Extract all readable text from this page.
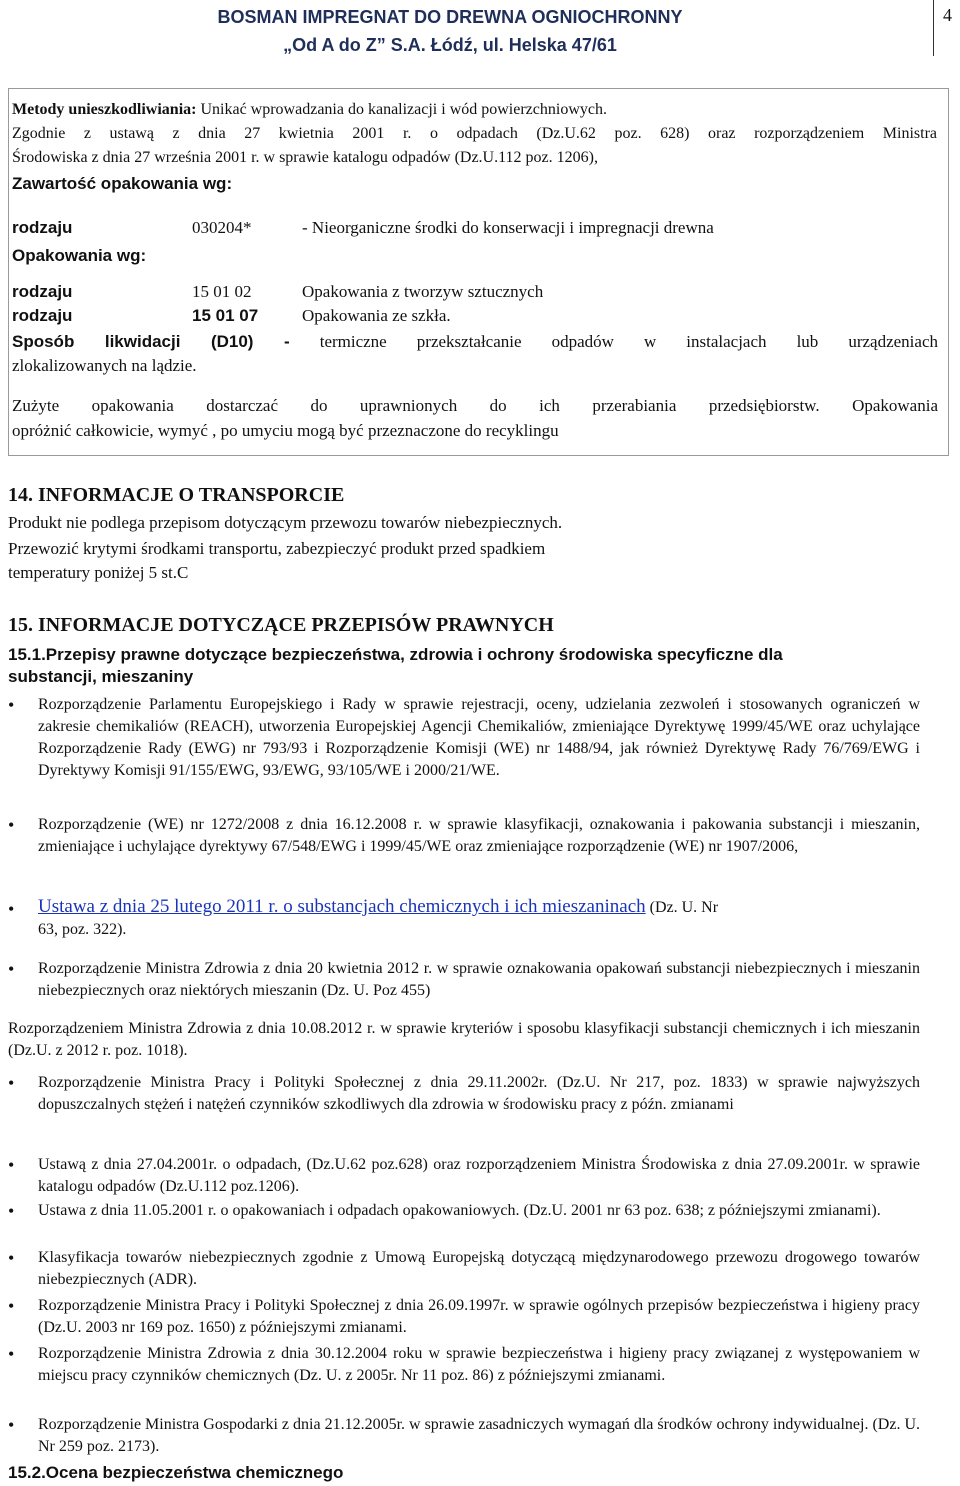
BOSMAN IMPREGNAT DO DREWNA OGNIOCHRONNY
„Od A do Z” S.A. Łódź, ul. Helska 47/61
4

Metody unieszkodliwiania: Unikać wprowadzania do kanalizacji i wód powierzchniowych.

Zgodnie z ustawą z dnia 27 kwietnia 2001 r. o odpadach (Dz.U.62 poz. 628) oraz rozporządzeniem Ministra

Środowiska z dnia 27 września 2001 r. w sprawie katalogu odpadów (Dz.U.112 poz. 1206),

Zawartość opakowania wg:

rodzaju	030204*	- Nieorganiczne środki do konserwacji i impregnacji drewna

Opakowania wg:

rodzaju	15 01 02	Opakowania z tworzyw sztucznych

rodzaju	15 01 07	Opakowania ze szkła.

Sposób likwidacji (D10) - termiczne przekształcanie odpadów w instalacjach lub urządzeniach

zlokalizowanych na lądzie.

Zużyte opakowania dostarczać do uprawnionych do ich przerabiania przedsiębiorstw. Opakowania

opróżnić całkowicie, wymyć , po umyciu mogą być przeznaczone do recyklingu

14. INFORMACJE O TRANSPORCIE
Produkt nie podlega przepisom dotyczącym przewozu towarów niebezpiecznych.
Przewozić krytymi środkami transportu, zabezpieczyć produkt przed spadkiem
temperatury poniżej 5 st.C
15. INFORMACJE DOTYCZĄCE PRZEPISÓW PRAWNYCH
15.1.Przepisy prawne dotyczące bezpieczeństwa, zdrowia i ochrony środowiska specyficzne dla
substancji, mieszaniny
• Rozporządzenie Parlamentu Europejskiego i Rady w sprawie rejestracji, oceny, udzielania zezwoleń i stosowanych ograniczeń w zakresie chemikaliów (REACH), utworzenia Europejskiej Agencji Chemikaliów, zmieniające Dyrektywę 1999/45/WE oraz uchylające Rozporządzenie Rady (EWG) nr 793/93 i Rozporządzenie Komisji (WE) nr 1488/94, jak również Dyrektywę Rady 76/769/EWG i Dyrektywy Komisji 91/155/EWG, 93/EWG, 93/105/WE i 2000/21/WE.
• Rozporządzenie (WE) nr 1272/2008 z dnia 16.12.2008 r. w sprawie klasyfikacji, oznakowania i pakowania substancji i mieszanin, zmieniające i uchylające dyrektywy 67/548/EWG i 1999/45/WE oraz zmieniające rozporządzenie (WE) nr 1907/2006,
• Ustawa z dnia 25 lutego 2011 r. o substancjach chemicznych i ich mieszaninach (Dz. U. Nr
63, poz. 322).
• Rozporządzenie Ministra Zdrowia z dnia 20 kwietnia 2012 r. w sprawie oznakowania opakowań substancji niebezpiecznych i mieszanin niebezpiecznych oraz niektórych mieszanin (Dz. U. Poz 455)
Rozporządzeniem Ministra Zdrowia z dnia 10.08.2012 r. w sprawie kryteriów i sposobu klasyfikacji substancji chemicznych i ich mieszanin (Dz.U. z 2012 r. poz. 1018).
• Rozporządzenie Ministra Pracy i Polityki Społecznej z dnia 29.11.2002r. (Dz.U. Nr 217, poz. 1833) w sprawie najwyższych dopuszczalnych stężeń i natężeń czynników szkodliwych dla zdrowia w środowisku pracy z późn. zmianami
• Ustawą z dnia 27.04.2001r. o odpadach, (Dz.U.62 poz.628) oraz rozporządzeniem Ministra Środowiska z dnia 27.09.2001r. w sprawie katalogu odpadów (Dz.U.112 poz.1206).
• Ustawa z dnia 11.05.2001 r. o opakowaniach i odpadach opakowaniowych. (Dz.U. 2001 nr 63 poz. 638; z późniejszymi zmianami).
• Klasyfikacja towarów niebezpiecznych zgodnie z Umową Europejską dotyczącą międzynarodowego przewozu drogowego towarów niebezpiecznych (ADR).
• Rozporządzenie Ministra Pracy i Polityki Społecznej z dnia 26.09.1997r. w sprawie ogólnych przepisów bezpieczeństwa i higieny pracy (Dz.U. 2003 nr 169 poz. 1650) z późniejszymi zmianami.
• Rozporządzenie Ministra Zdrowia z dnia 30.12.2004 roku w sprawie bezpieczeństwa i higieny pracy związanej z występowaniem w miejscu pracy czynników chemicznych (Dz. U. z 2005r. Nr 11 poz. 86) z późniejszymi zmianami.
• Rozporządzenie Ministra Gospodarki z dnia 21.12.2005r. w sprawie zasadniczych wymagań dla środków ochrony indywidualnej. (Dz. U. Nr 259 poz. 2173).
15.2.Ocena bezpieczeństwa chemicznego
